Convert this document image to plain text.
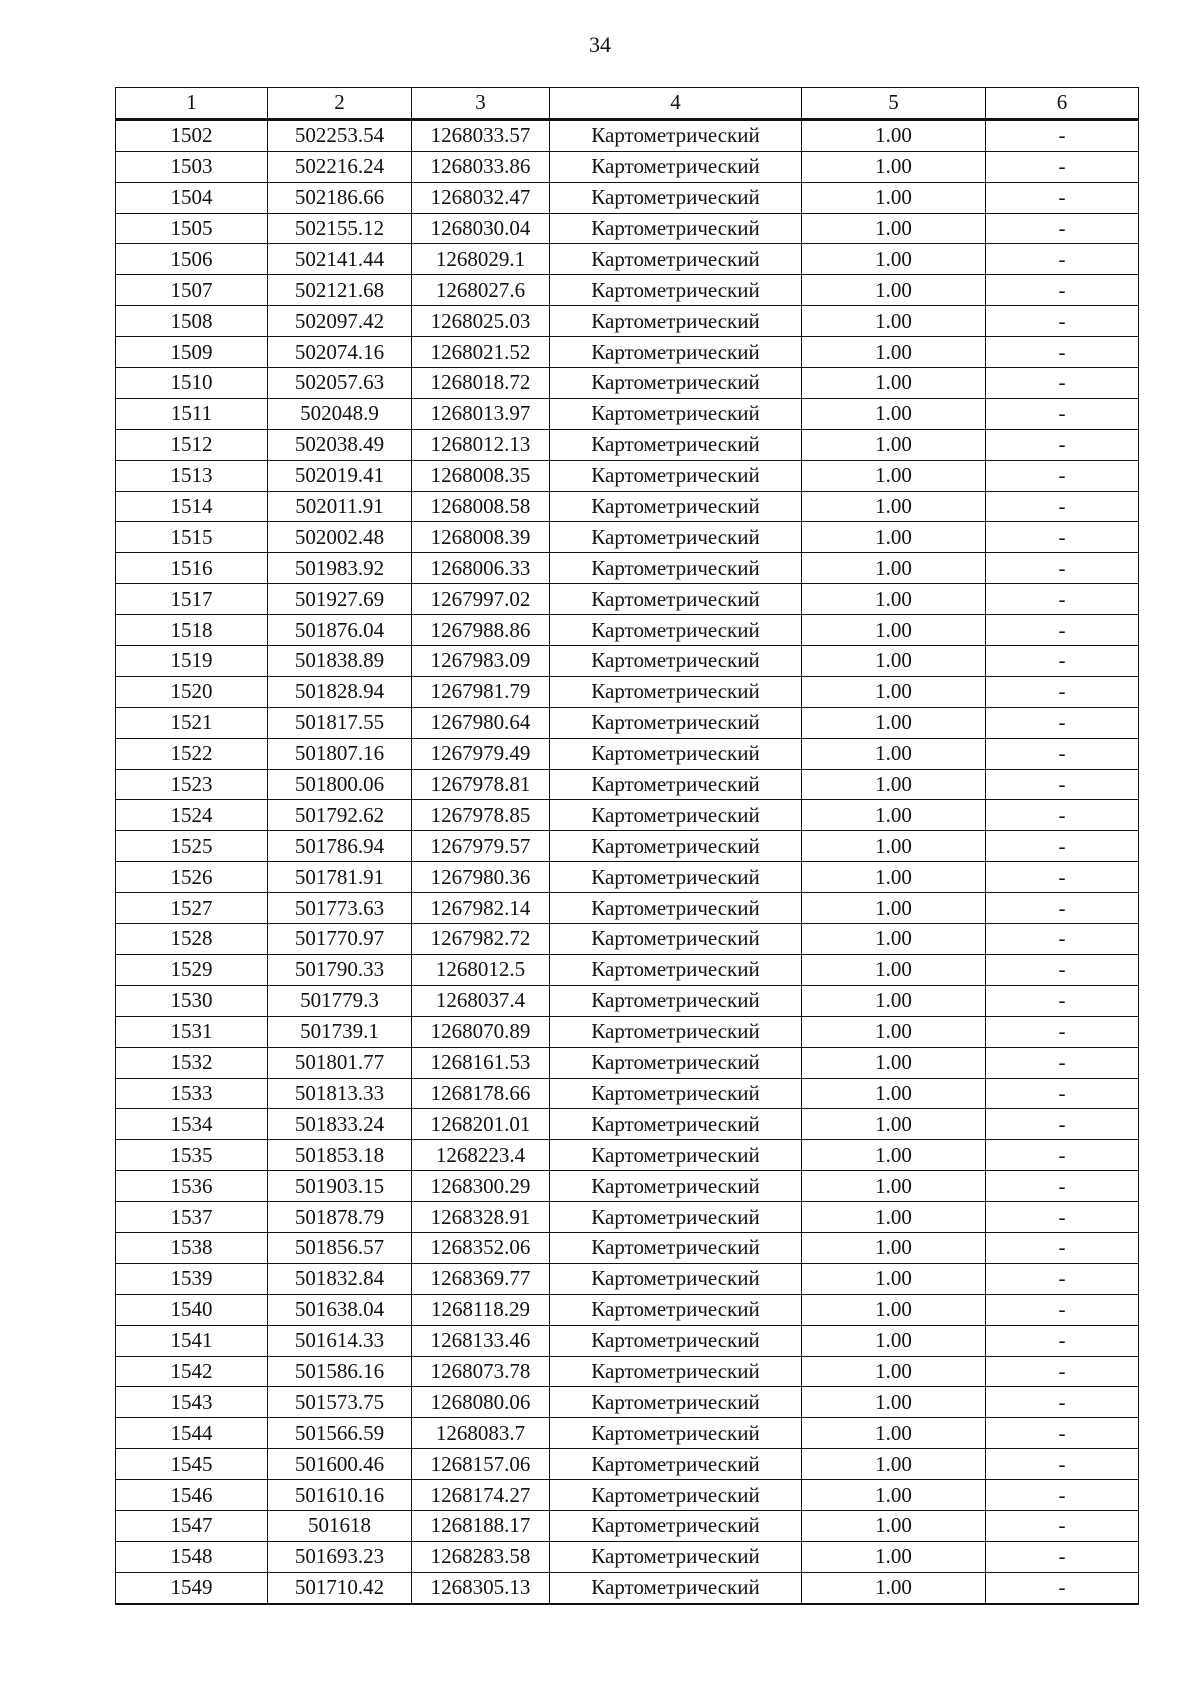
34
1	2	3	4	5	6
1502	502253.54	1268033.57	Картометрический	1.00	-
1503	502216.24	1268033.86	Картометрический	1.00	-
1504	502186.66	1268032.47	Картометрический	1.00	-
1505	502155.12	1268030.04	Картометрический	1.00	-
1506	502141.44	1268029.1	Картометрический	1.00	-
1507	502121.68	1268027.6	Картометрический	1.00	-
1508	502097.42	1268025.03	Картометрический	1.00	-
1509	502074.16	1268021.52	Картометрический	1.00	-
1510	502057.63	1268018.72	Картометрический	1.00	-
1511	502048.9	1268013.97	Картометрический	1.00	-
1512	502038.49	1268012.13	Картометрический	1.00	-
1513	502019.41	1268008.35	Картометрический	1.00	-
1514	502011.91	1268008.58	Картометрический	1.00	-
1515	502002.48	1268008.39	Картометрический	1.00	-
1516	501983.92	1268006.33	Картометрический	1.00	-
1517	501927.69	1267997.02	Картометрический	1.00	-
1518	501876.04	1267988.86	Картометрический	1.00	-
1519	501838.89	1267983.09	Картометрический	1.00	-
1520	501828.94	1267981.79	Картометрический	1.00	-
1521	501817.55	1267980.64	Картометрический	1.00	-
1522	501807.16	1267979.49	Картометрический	1.00	-
1523	501800.06	1267978.81	Картометрический	1.00	-
1524	501792.62	1267978.85	Картометрический	1.00	-
1525	501786.94	1267979.57	Картометрический	1.00	-
1526	501781.91	1267980.36	Картометрический	1.00	-
1527	501773.63	1267982.14	Картометрический	1.00	-
1528	501770.97	1267982.72	Картометрический	1.00	-
1529	501790.33	1268012.5	Картометрический	1.00	-
1530	501779.3	1268037.4	Картометрический	1.00	-
1531	501739.1	1268070.89	Картометрический	1.00	-
1532	501801.77	1268161.53	Картометрический	1.00	-
1533	501813.33	1268178.66	Картометрический	1.00	-
1534	501833.24	1268201.01	Картометрический	1.00	-
1535	501853.18	1268223.4	Картометрический	1.00	-
1536	501903.15	1268300.29	Картометрический	1.00	-
1537	501878.79	1268328.91	Картометрический	1.00	-
1538	501856.57	1268352.06	Картометрический	1.00	-
1539	501832.84	1268369.77	Картометрический	1.00	-
1540	501638.04	1268118.29	Картометрический	1.00	-
1541	501614.33	1268133.46	Картометрический	1.00	-
1542	501586.16	1268073.78	Картометрический	1.00	-
1543	501573.75	1268080.06	Картометрический	1.00	-
1544	501566.59	1268083.7	Картометрический	1.00	-
1545	501600.46	1268157.06	Картометрический	1.00	-
1546	501610.16	1268174.27	Картометрический	1.00	-
1547	501618	1268188.17	Картометрический	1.00	-
1548	501693.23	1268283.58	Картометрический	1.00	-
1549	501710.42	1268305.13	Картометрический	1.00	-
